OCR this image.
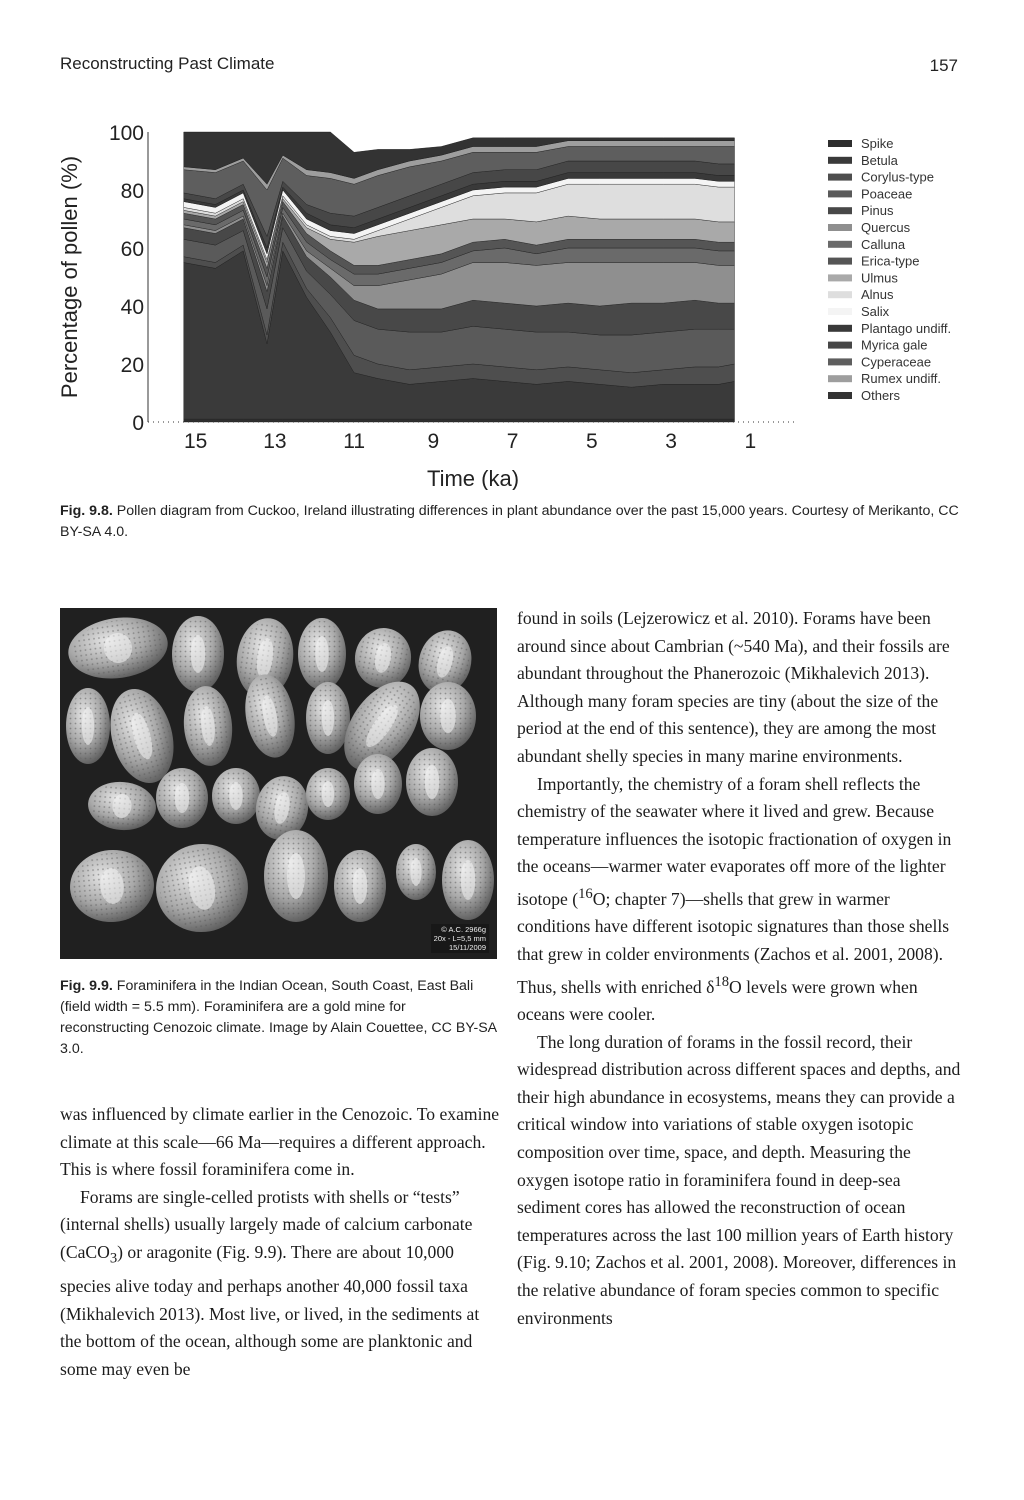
Reconstructing Past Climate	157
0
20
40
60
80
100
15	13	11	9	7	5	3	1
Time (ka)
Percentage of pollen (%)
Spike
Betula
Corylus-type
Poaceae
Pinus
Quercus
Calluna
Erica-type
Ulmus
Alnus
Salix
Plantago undiff.
Myrica gale
Cyperaceae
Rumex undiff.
Others
Fig. 9.8. Pollen diagram from Cuckoo, Ireland illustrating differences in plant abundance over the past 15,000 years. Courtesy of Merikanto, CC BY-SA 4.0.
© A.C. 2966g
20x - L=5,5 mm
15/11/2009
Fig. 9.9. Foraminifera in the Indian Ocean, South Coast, East Bali (field width = 5.5 mm). Foraminifera are a gold mine for reconstructing Cenozoic climate. Image by Alain Couettee, CC BY-SA 3.0.

was influenced by climate earlier in the Cenozoic. To examine climate at this scale—66 Ma—requires a different approach. This is where fossil foraminifera come in.

Forams are single-celled protists with shells or “tests” (internal shells) usually largely made of calcium carbonate (CaCO$_3$) or aragonite (Fig. 9.9). There are about 10,000 species alive today and perhaps another 40,000 fossil taxa (Mikhalevich 2013). Most live, or lived, in the sediments at the bottom of the ocean, although some are planktonic and some may even be

found in soils (Lejzerowicz et al. 2010). Forams have been around since about Cambrian (~540 Ma), and their fossils are abundant throughout the Phanerozoic (Mikhalevich 2013). Although many foram species are tiny (about the size of the period at the end of this sentence), they are among the most abundant shelly species in many marine environments.

Importantly, the chemistry of a foram shell reflects the chemistry of the seawater where it lived and grew. Because temperature influences the isotopic fractionation of oxygen in the oceans—warmer water evaporates off more of the lighter isotope ($^{16}$O; chapter 7)—shells that grew in warmer conditions have different isotopic signatures than those shells that grew in colder environments (Zachos et al. 2001, 2008). Thus, shells with enriched $\delta^{18}O$ levels were grown when oceans were cooler.

The long duration of forams in the fossil record, their widespread distribution across different spaces and depths, and their high abundance in ecosystems, means they can provide a critical window into variations of stable oxygen isotopic composition over time, space, and depth. Measuring the oxygen isotope ratio in foraminifera found in deep-sea sediment cores has allowed the reconstruction of ocean temperatures across the last 100 million years of Earth history (Fig. 9.10; Zachos et al. 2001, 2008). Moreover, differences in the relative abundance of foram species common to specific environments
